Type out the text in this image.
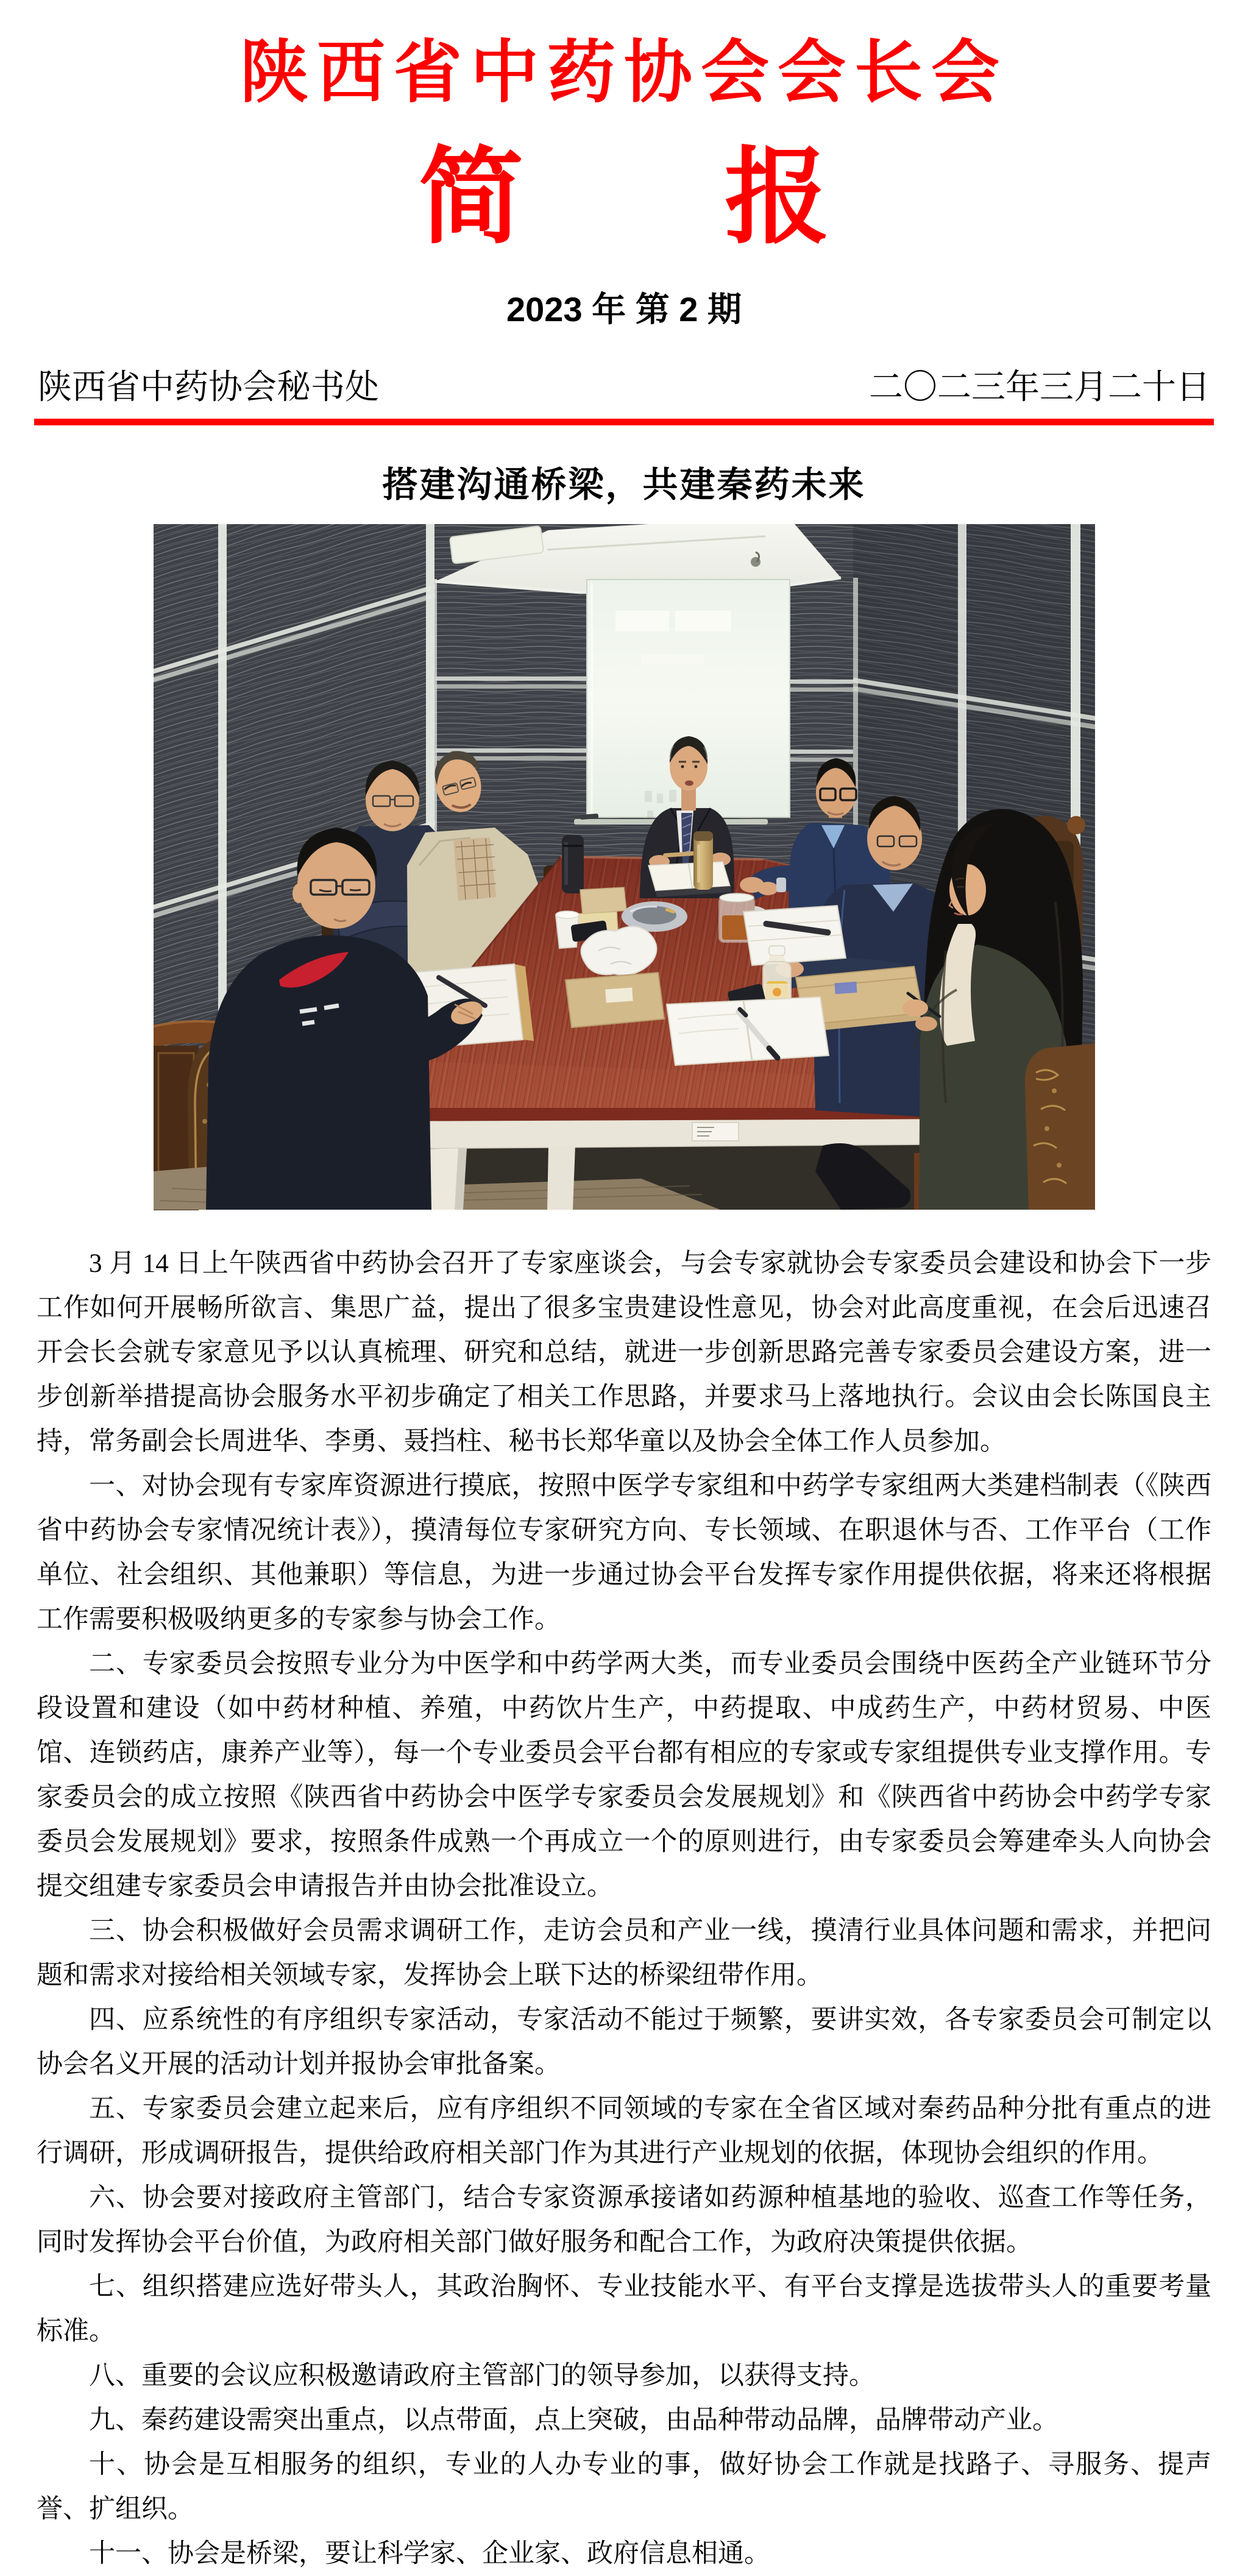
陕西省中药协会会长会
简 报
2023 年 第 2 期
陕西省中药协会秘书处	二〇二三年三月二十日
搭建沟通桥梁，共建秦药未来

3 月 14 日上午陕西省中药协会召开了专家座谈会，与会专家就协会专家委员会建设和协会下一步工作如何开展畅所欲言、集思广益，提出了很多宝贵建设性意见，协会对此高度重视，在会后迅速召开会长会就专家意见予以认真梳理、研究和总结，就进一步创新思路完善专家委员会建设方案，进一步创新举措提高协会服务水平初步确定了相关工作思路，并要求马上落地执行。会议由会长陈国良主持，常务副会长周进华、李勇、聂挡柱、秘书长郑华童以及协会全体工作人员参加。

一、对协会现有专家库资源进行摸底，按照中医学专家组和中药学专家组两大类建档制表（《陕西省中药协会专家情况统计表》），摸清每位专家研究方向、专长领域、在职退休与否、工作平台（工作单位、社会组织、其他兼职）等信息，为进一步通过协会平台发挥专家作用提供依据，将来还将根据工作需要积极吸纳更多的专家参与协会工作。

二、专家委员会按照专业分为中医学和中药学两大类，而专业委员会围绕中医药全产业链环节分段设置和建设（如中药材种植、养殖，中药饮片生产，中药提取、中成药生产，中药材贸易、中医馆、连锁药店，康养产业等），每一个专业委员会平台都有相应的专家或专家组提供专业支撑作用。专家委员会的成立按照《陕西省中药协会中医学专家委员会发展规划》和《陕西省中药协会中药学专家委员会发展规划》要求，按照条件成熟一个再成立一个的原则进行，由专家委员会筹建牵头人向协会提交组建专家委员会申请报告并由协会批准设立。

三、协会积极做好会员需求调研工作，走访会员和产业一线，摸清行业具体问题和需求，并把问题和需求对接给相关领域专家，发挥协会上联下达的桥梁纽带作用。

四、应系统性的有序组织专家活动，专家活动不能过于频繁，要讲实效，各专家委员会可制定以协会名义开展的活动计划并报协会审批备案。

五、专家委员会建立起来后，应有序组织不同领域的专家在全省区域对秦药品种分批有重点的进行调研，形成调研报告，提供给政府相关部门作为其进行产业规划的依据，体现协会组织的作用。

六、协会要对接政府主管部门，结合专家资源承接诸如药源种植基地的验收、巡查工作等任务，同时发挥协会平台价值，为政府相关部门做好服务和配合工作，为政府决策提供依据。

七、组织搭建应选好带头人，其政治胸怀、专业技能水平、有平台支撑是选拔带头人的重要考量标准。

八、重要的会议应积极邀请政府主管部门的领导参加，以获得支持。

九、秦药建设需突出重点，以点带面，点上突破，由品种带动品牌，品牌带动产业。

十、协会是互相服务的组织，专业的人办专业的事，做好协会工作就是找路子、寻服务、提声誉、扩组织。

十一、协会是桥梁，要让科学家、企业家、政府信息相通。
